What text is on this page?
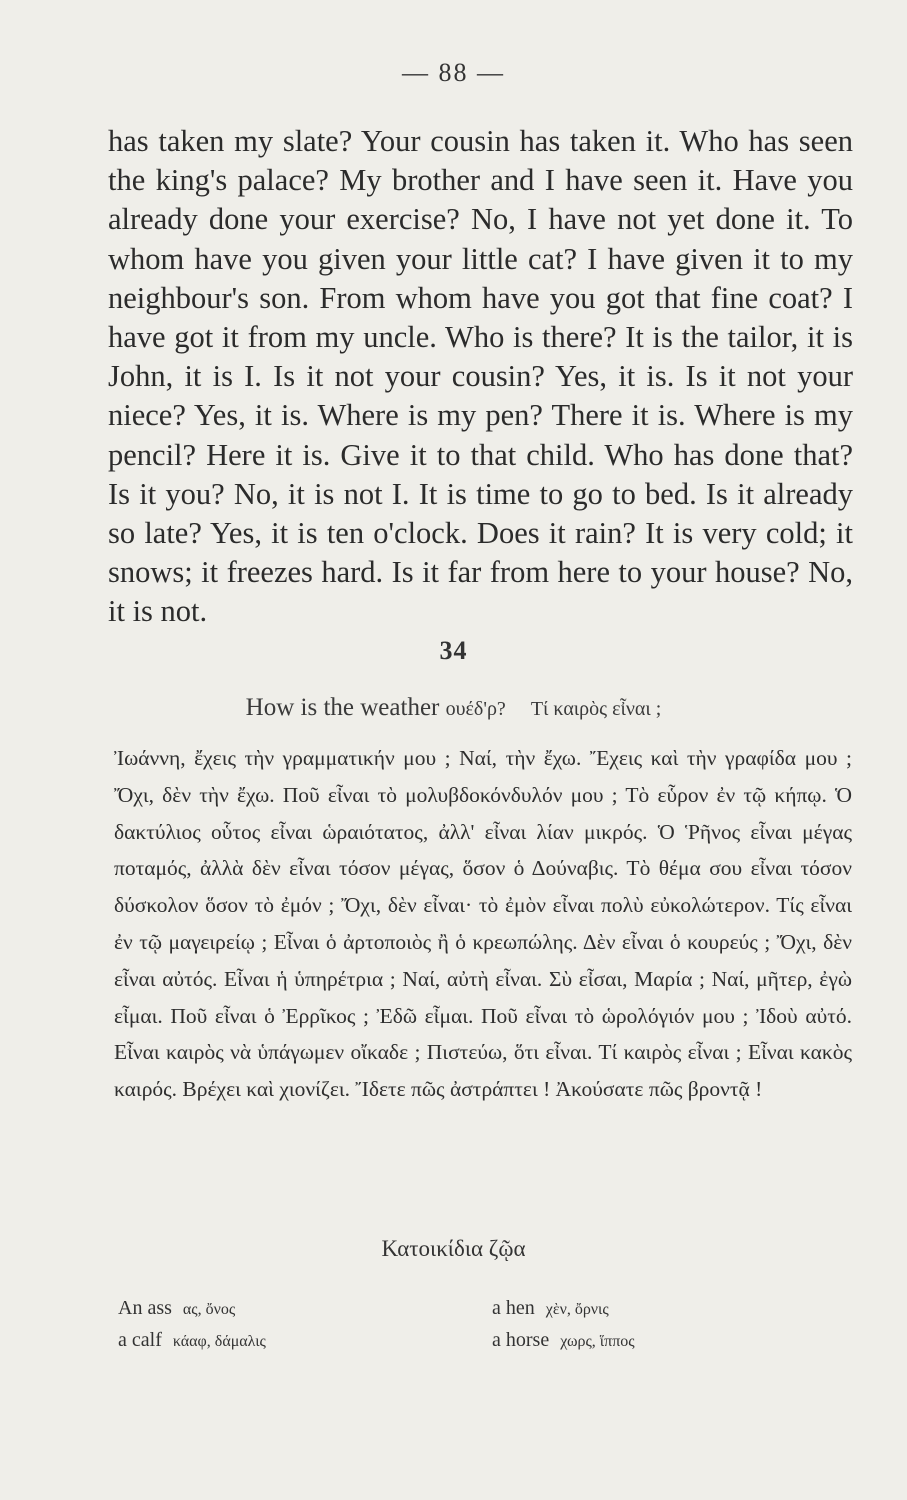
— 88 —

has taken my slate? Your cousin has taken it. Who has seen the king's palace? My brother and I have seen it. Have you already done your exercise? No, I have not yet done it. To whom have you given your little cat? I have given it to my neighbour's son. From whom have you got that fine coat? I have got it from my uncle. Who is there? It is the tailor, it is John, it is I. Is it not your cousin? Yes, it is. Is it not your niece? Yes, it is. Where is my pen? There it is. Where is my pencil? Here it is. Give it to that child. Who has done that? Is it you? No, it is not I. It is time to go to bed. Is it already so late? Yes, it is ten o'clock. Does it rain? It is very cold; it snows; it freezes hard. Is it far from here to your house? No, it is not.

34
How is the weather ουέδ'ρ? Τί καιρὸς εἶναι ;

Ἰωάννη, ἔχεις τὴν γραμματικήν μου ; Ναί, τὴν ἔχω. Ἔχεις καὶ τὴν γραφίδα μου ; Ὄχι, δὲν τὴν ἔχω. Ποῦ εἶναι τὸ μολυβδοκόνδυλόν μου ; Τὸ εὗρον ἐν τῷ κήπῳ. Ὁ δακτύλιος οὗτος εἶναι ὡραιότατος, ἀλλ' εἶναι λίαν μικρός. Ὁ Ῥῆνος εἶναι μέγας ποταμός, ἀλλὰ δὲν εἶναι τόσον μέγας, ὅσον ὁ Δούναβις. Τὸ θέμα σου εἶναι τόσον δύσκολον ὅσον τὸ ἐμόν ; Ὄχι, δὲν εἶναι· τὸ ἐμὸν εἶναι πολὺ εὐκολώτερον. Τίς εἶναι ἐν τῷ μαγειρείῳ ; Εἶναι ὁ ἀρτοποιὸς ἢ ὁ κρεωπώλης. Δὲν εἶναι ὁ κουρεύς ; Ὄχι, δὲν εἶναι αὐτός. Εἶναι ἡ ὑπηρέτρια ; Ναί, αὐτὴ εἶναι. Σὺ εἶσαι, Μαρία ; Ναί, μῆτερ, ἐγὼ εἶμαι. Ποῦ εἶναι ὁ Ἐρρῖκος ; Ἐδῶ εἶμαι. Ποῦ εἶναι τὸ ὡρολόγιόν μου ; Ἰδοὺ αὐτό. Εἶναι καιρὸς νὰ ὑπάγωμεν οἴκαδε ; Πιστεύω, ὅτι εἶναι. Τί καιρὸς εἶναι ; Εἶναι κακὸς καιρός. Βρέχει καὶ χιονίζει. Ἴδετε πῶς ἀστράπτει ! Ἀκούσατε πῶς βροντᾷ !

Κατοικίδια ζῷα
An ass ας, ὄνος	a hen χὲν, ὄρνις
a calf κάαφ, δάμαλις	a horse χωρς, ἵππος
